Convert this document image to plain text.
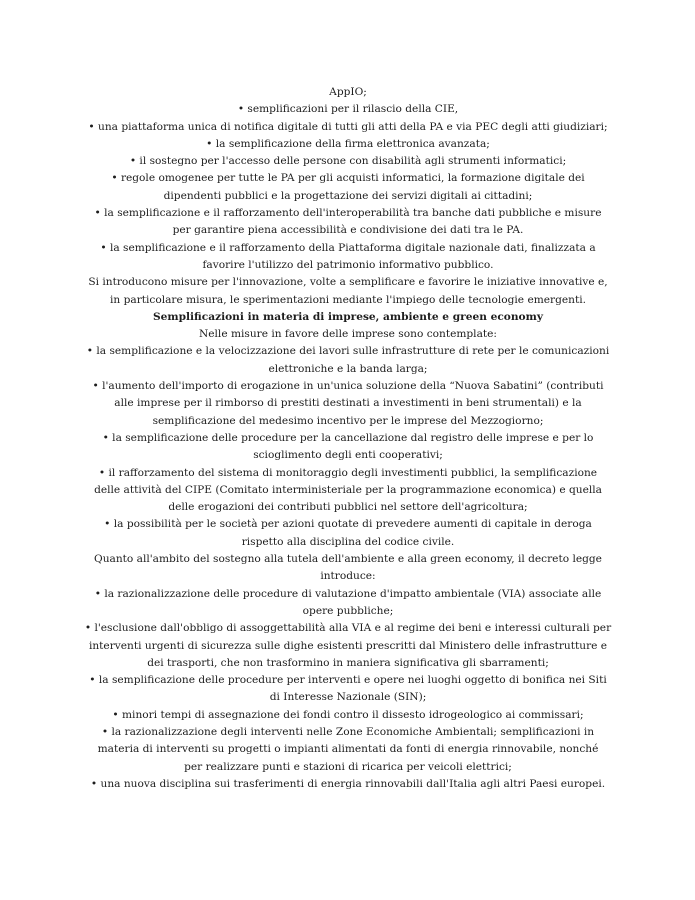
AppIO;
• semplificazioni per il rilascio della CIE,
• una piattaforma unica di notifica digitale di tutti gli atti della PA e via PEC degli atti giudiziari;
• la semplificazione della firma elettronica avanzata;
• il sostegno per l'accesso delle persone con disabilità agli strumenti informatici;
• regole omogenee per tutte le PA per gli acquisti informatici, la formazione digitale dei
dipendenti pubblici e la progettazione dei servizi digitali ai cittadini;
• la semplificazione e il rafforzamento dell'interoperabilità tra banche dati pubbliche e misure
per garantire piena accessibilità e condivisione dei dati tra le PA.
• la semplificazione e il rafforzamento della Piattaforma digitale nazionale dati, finalizzata a
favorire l'utilizzo del patrimonio informativo pubblico.
Si introducono misure per l'innovazione, volte a semplificare e favorire le iniziative innovative e,
in particolare misura, le sperimentazioni mediante l'impiego delle tecnologie emergenti.
Semplificazioni in materia di imprese, ambiente e green economy
Nelle misure in favore delle imprese sono contemplate:
• la semplificazione e la velocizzazione dei lavori sulle infrastrutture di rete per le comunicazioni
elettroniche e la banda larga;
• l'aumento dell'importo di erogazione in un'unica soluzione della “Nuova Sabatini” (contributi
alle imprese per il rimborso di prestiti destinati a investimenti in beni strumentali) e la
semplificazione del medesimo incentivo per le imprese del Mezzogiorno;
• la semplificazione delle procedure per la cancellazione dal registro delle imprese e per lo
scioglimento degli enti cooperativi;
• il rafforzamento del sistema di monitoraggio degli investimenti pubblici, la semplificazione
delle attività del CIPE (Comitato interministeriale per la programmazione economica) e quella
delle erogazioni dei contributi pubblici nel settore dell'agricoltura;
• la possibilità per le società per azioni quotate di prevedere aumenti di capitale in deroga
rispetto alla disciplina del codice civile.
Quanto all'ambito del sostegno alla tutela dell'ambiente e alla green economy, il decreto legge
introduce:
• la razionalizzazione delle procedure di valutazione d'impatto ambientale (VIA) associate alle
opere pubbliche;
• l'esclusione dall'obbligo di assoggettabilità alla VIA e al regime dei beni e interessi culturali per
interventi urgenti di sicurezza sulle dighe esistenti prescritti dal Ministero delle infrastrutture e
dei trasporti, che non trasformino in maniera significativa gli sbarramenti;
• la semplificazione delle procedure per interventi e opere nei luoghi oggetto di bonifica nei Siti
di Interesse Nazionale (SIN);
• minori tempi di assegnazione dei fondi contro il dissesto idrogeologico ai commissari;
• la razionalizzazione degli interventi nelle Zone Economiche Ambientali; semplificazioni in
materia di interventi su progetti o impianti alimentati da fonti di energia rinnovabile, nonché
per realizzare punti e stazioni di ricarica per veicoli elettrici;
• una nuova disciplina sui trasferimenti di energia rinnovabili dall'Italia agli altri Paesi europei.
